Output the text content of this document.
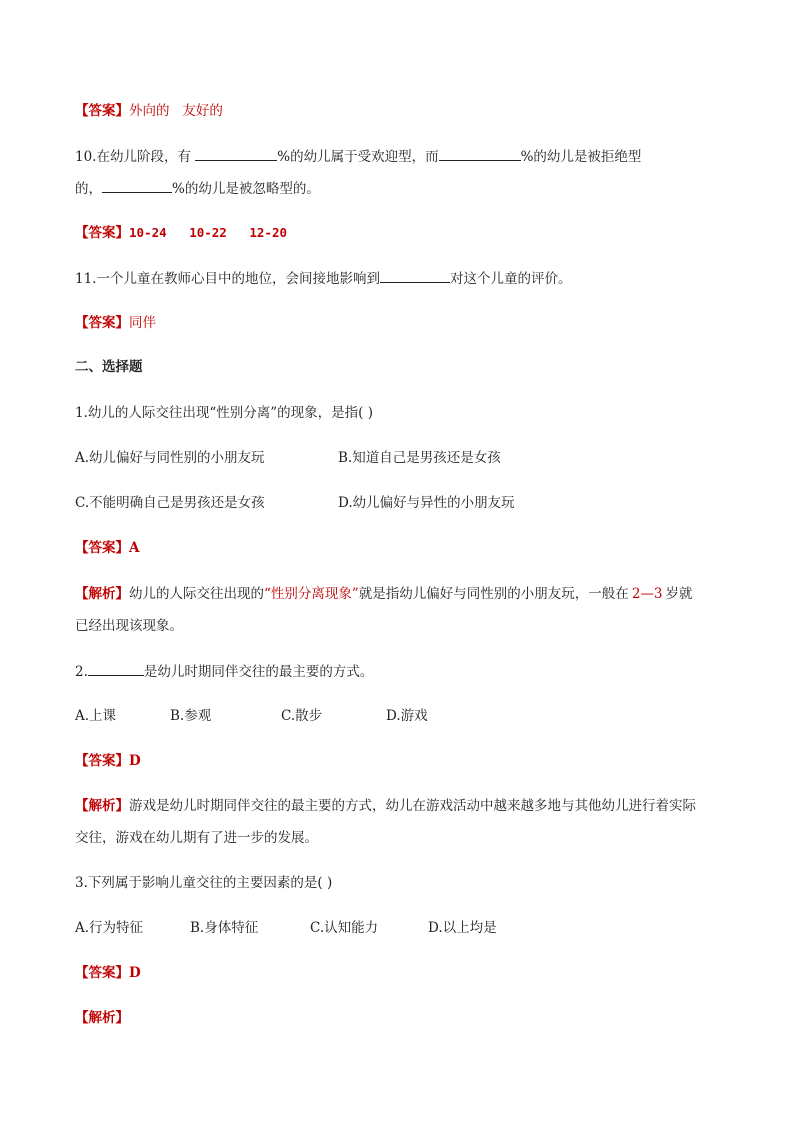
【答案】外向的   友好的
10.在幼儿阶段，有	%的幼儿属于受欢迎型，而	%的幼儿是被拒绝型
的，	%的幼儿是被忽略型的。
【答案】10-24   10-22   12-20
11.一个儿童在教师心目中的地位，会间接地影响到	对这个儿童的评价。
【答案】同伴
二、选择题
1.幼儿的人际交往出现“性别分离”的现象，是指( )
A.幼儿偏好与同性别的小朋友玩	B.知道自己是男孩还是女孩
C.不能明确自己是男孩还是女孩	D.幼儿偏好与异性的小朋友玩
【答案】A
【解析】幼儿的人际交往出现的“性别分离现象”就是指幼儿偏好与同性别的小朋友玩，一般在 2—3 岁就
已经出现该现象。
2.	是幼儿时期同伴交往的最主要的方式。
A.上课	B.参观	C.散步	D.游戏
【答案】D
【解析】游戏是幼儿时期同伴交往的最主要的方式，幼儿在游戏活动中越来越多地与其他幼儿进行着实际
交往，游戏在幼儿期有了进一步的发展。
3.下列属于影响儿童交往的主要因素的是( )
A.行为特征	B.身体特征	C.认知能力	D.以上均是
【答案】D
【解析】
